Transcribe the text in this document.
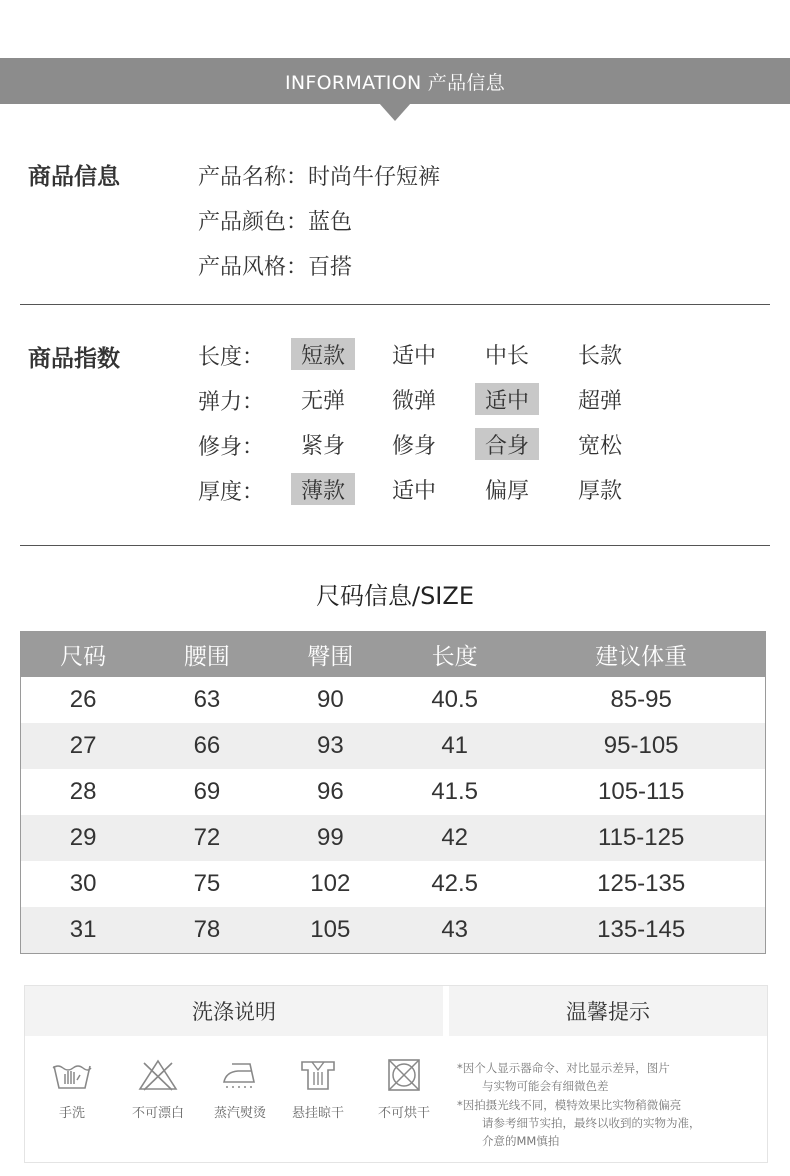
INFORMATION 产品信息
商品信息	产品名称：时尚牛仔短裤
产品颜色：蓝色
产品风格：百搭
商品指数	长度：	短款	适中	中长	长款
弹力：	无弹	微弹	适中	超弹
修身：	紧身	修身	合身	宽松
厚度：	薄款	适中	偏厚	厚款
尺码信息/SIZE
尺码	腰围	臀围	长度	建议体重
26	63	90	40.5	85-95
27	66	93	41	95-105
28	69	96	41.5	105-115
29	72	99	42	115-125
30	75	102	42.5	125-135
31	78	105	43	135-145
洗涤说明	温馨提示
手洗	不可漂白	蒸汽熨烫	悬挂晾干	不可烘干
*因个人显示器命令、对比显示差异，图片
与实物可能会有细微色差
*因拍摄光线不同，模特效果比实物稍微偏亮
请参考细节实拍，最终以收到的实物为准，
介意的MM慎拍
